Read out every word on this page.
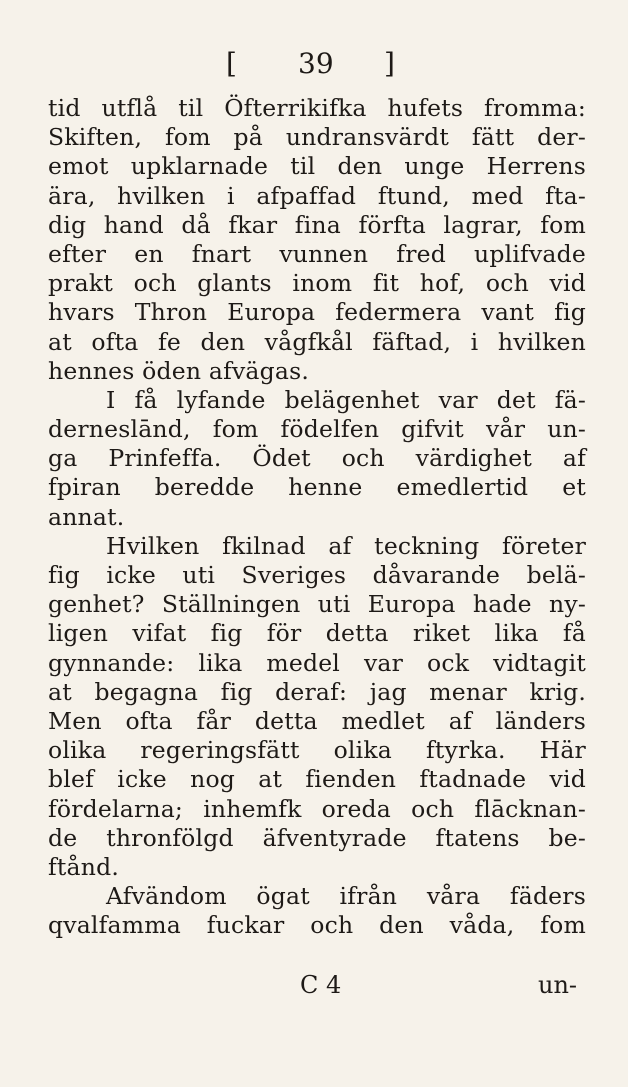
[ 39 ]
tid utflå til Öfterrikifka hufets fromma:
Skiften, fom på undransvärdt fätt der-
emot upklarnade til den unge Herrens
ära, hvilken i afpaffad ftund, med fta-
dig hand då fkar fina förfta lagrar, fom
efter en fnart vunnen fred uplifvade
prakt och glants inom fit hof, och vid
hvars Thron Europa federmera vant fig
at ofta fe den vågfkål fäftad, i hvilken
hennes öden afvägas.
I få lyfande belägenhet var det fä-
derneslānd, fom födelfen gifvit vår un-
ga Prinfeffa. Ödet och värdighet af
fpiran beredde henne emedlertid et
annat.
Hvilken fkilnad af teckning företer
fig icke uti Sveriges dåvarande belä-
genhet? Ställningen uti Europa hade ny-
ligen vifat fig för detta riket lika få
gynnande: lika medel var ock vidtagit
at begagna fig deraf: jag menar krig.
Men ofta får detta medlet af länders
olika regeringsfätt olika ftyrka. Här
blef icke nog at fienden ftadnade vid
fördelarna; inhemfk oreda och flācknan-
de thronfölgd äfventyrade ftatens be-
ftånd.
Afvändom ögat ifrån våra fäders
qvalfamma fuckar och den våda, fom
C 4	un-
